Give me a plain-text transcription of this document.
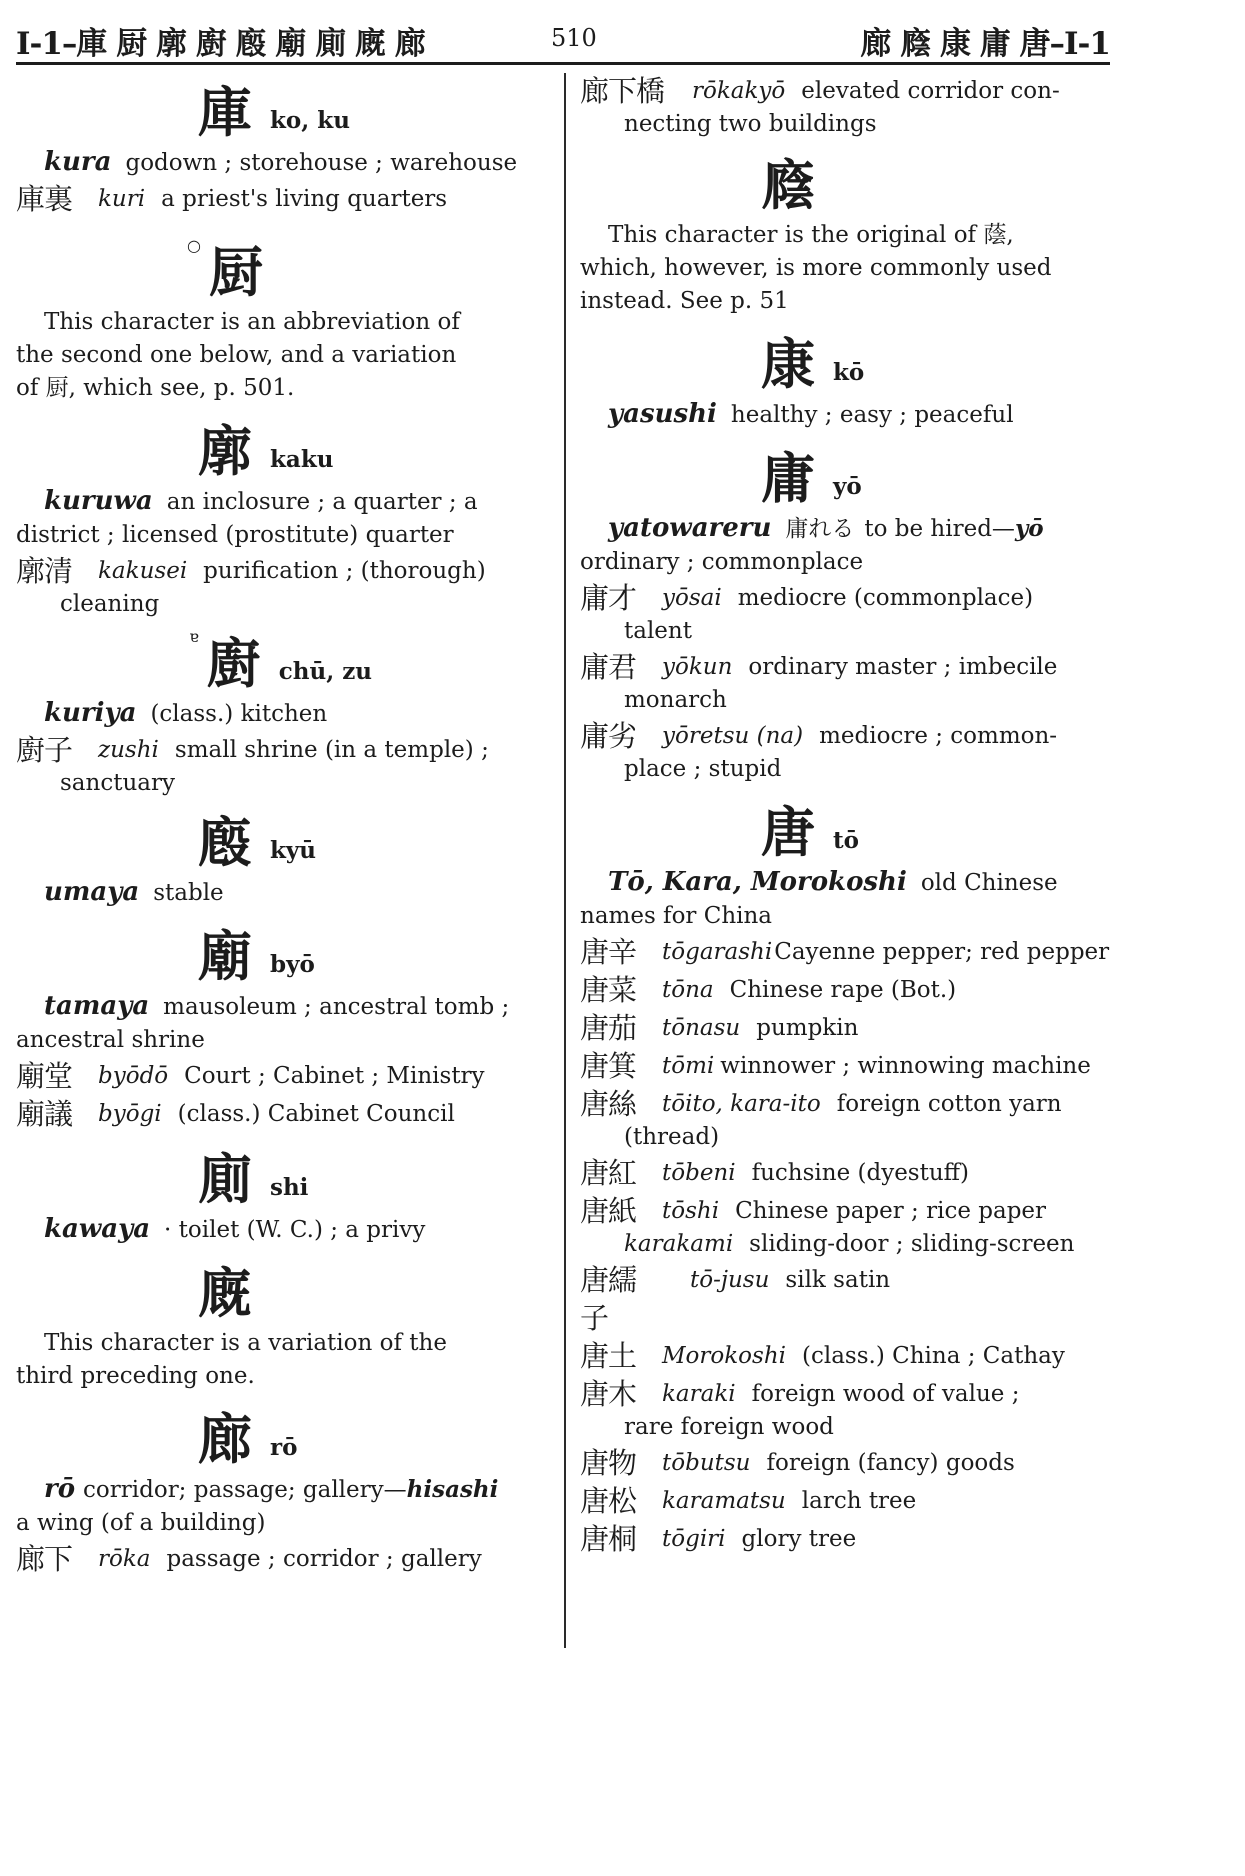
I-1–庫 厨 廓 廚 廏 廟 廁 廐 廊	510	廊 廕 康 庸 唐–I-1
庫 ko, ku
kura godown ; storehouse ; warehouse
庫裏	kuri a priest's living quarters
○ 厨
This character is an abbreviation of
the second one below, and a variation
of 厨, which see, p. 501.
廓 kaku
kuruwa an inclosure ; a quarter ; a
district ; licensed (prostitute) quarter
廓清	kakusei purification ; (thorough)
cleaning
ɐ 廚 chū, zu
kuriya (class.) kitchen
廚子	zushi small shrine (in a temple) ;
sanctuary
廏 kyū
umaya stable
廟 byō
tamaya mausoleum ; ancestral tomb ;
ancestral shrine
廟堂	byōdō Court ; Cabinet ; Ministry
廟議	byōgi (class.) Cabinet Council
廁 shi
kawaya · toilet (W. C.) ; a privy
廐
This character is a variation of the
third preceding one.
廊 rō
rō corridor; passage; gallery—hisashi
a wing (of a building)
廊下	rōka passage ; corridor ; gallery
廊下橋	rōkakyō elevated corridor con-
necting two buildings
廕
This character is the original of 蔭,
which, however, is more commonly used
instead. See p. 51
康 kō
yasushi healthy ; easy ; peaceful
庸 yō
yatowareru 庸れる to be hired—yō
ordinary ; commonplace
庸才	yōsai mediocre (commonplace)
talent
庸君	yōkun ordinary master ; imbecile
monarch
庸劣	yōretsu (na) mediocre ; common-
place ; stupid
唐 tō
Tō, Kara, Morokoshi old Chinese
names for China
唐辛	tōgarashiCayenne pepper; red pepper
唐菜	tōna Chinese rape (Bot.)
唐茄	tōnasu pumpkin
唐箕	tōmi winnower ; winnowing machine
唐絲	tōito, kara-ito foreign cotton yarn
(thread)
唐紅	tōbeni fuchsine (dyestuff)
唐紙	tōshi Chinese paper ; rice paper
karakami sliding-door ; sliding-screen
唐繻子
tō-jusu silk satin
唐土	Morokoshi (class.) China ; Cathay
唐木	karaki foreign wood of value ;
rare foreign wood
唐物	tōbutsu foreign (fancy) goods
唐松	karamatsu larch tree
唐桐	tōgiri glory tree
